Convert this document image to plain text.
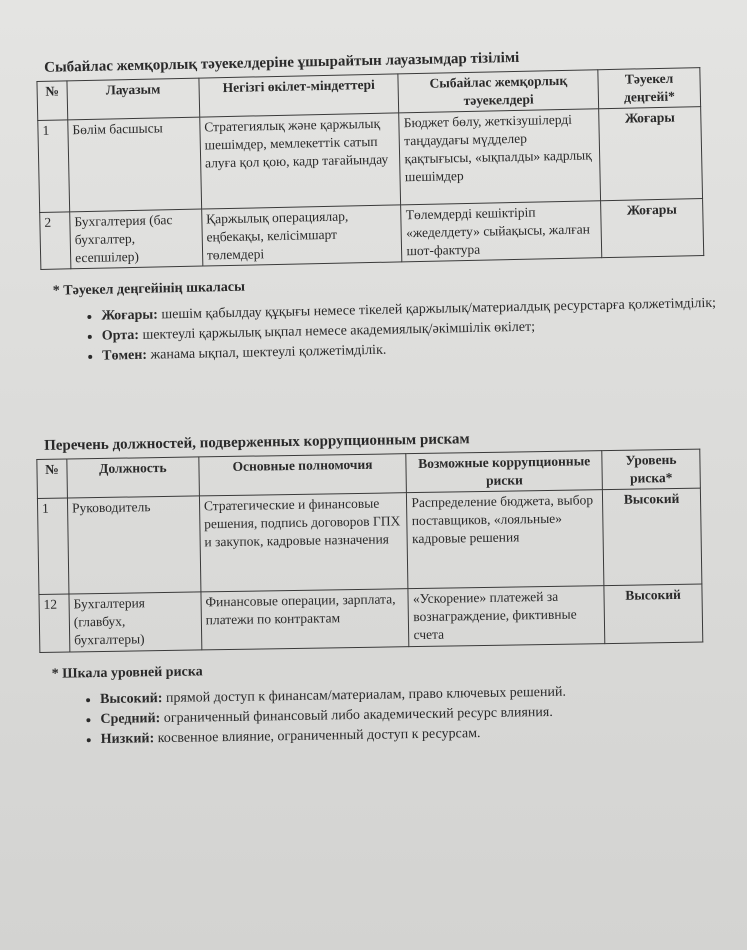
Сыбайлас жемқорлық тәуекелдеріне ұшырайтын лауазымдар тізілімі
№	Лауазым	Негізгі өкілет-міндеттері	Сыбайлас жемқорлық тәуекелдері	Тәуекел деңгейі*
1	Бөлім басшысы	Стратегиялық және қаржылық шешімдер, мемлекеттік сатып алуға қол қою, кадр тағайындау	Бюджет бөлу, жеткізушілерді таңдаудағы мүдделер қақтығысы, «ықпалды» кадрлық шешімдер	Жоғары
2	Бухгалтерия (бас бухгалтер, есепшілер)	Қаржылық операциялар, еңбекақы, келісімшарт төлемдері	Төлемдерді кешіктіріп «жеделдету» сыйақысы, жалған шот-фактура	Жоғары
* Тәуекел деңгейінің шкаласы
• Жоғары: шешім қабылдау құқығы немесе тікелей қаржылық/материалдық ресурстарға қолжетімділік;
• Орта: шектеулі қаржылық ықпал немесе академиялық/әкімшілік өкілет;
• Төмен: жанама ықпал, шектеулі қолжетімділік.
Перечень должностей, подверженных коррупционным рискам
№	Должность	Основные полномочия	Возможные коррупционные риски	Уровень риска*
1	Руководитель	Стратегические и финансовые решения, подпись договоров ГПХ и закупок, кадровые назначения	Распределение бюджета, выбор поставщиков, «лояльные» кадровые решения	Высокий
12	Бухгалтерия (главбух, бухгалтеры)	Финансовые операции, зарплата, платежи по контрактам	«Ускорение» платежей за вознаграждение, фиктивные счета	Высокий
* Шкала уровней риска
• Высокий: прямой доступ к финансам/материалам, право ключевых решений.
• Средний: ограниченный финансовый либо академический ресурс влияния.
• Низкий: косвенное влияние, ограниченный доступ к ресурсам.
